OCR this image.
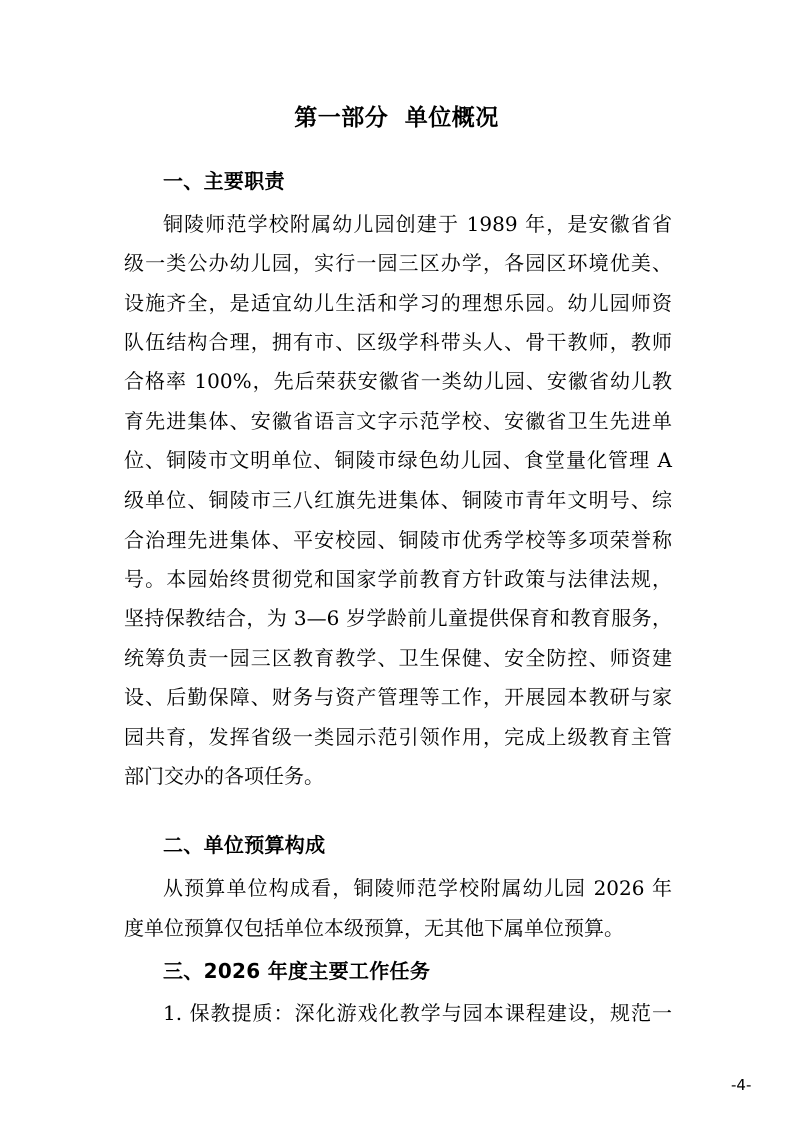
第一部分 单位概况
一、主要职责
铜陵师范学校附属幼儿园创建于 1989 年，是安徽省省
级一类公办幼儿园，实行一园三区办学，各园区环境优美、
设施齐全，是适宜幼儿生活和学习的理想乐园。幼儿园师资
队伍结构合理，拥有市、区级学科带头人、骨干教师，教师
合格率 100%，先后荣获安徽省一类幼儿园、安徽省幼儿教
育先进集体、安徽省语言文字示范学校、安徽省卫生先进单
位、铜陵市文明单位、铜陵市绿色幼儿园、食堂量化管理 A
级单位、铜陵市三八红旗先进集体、铜陵市青年文明号、综
合治理先进集体、平安校园、铜陵市优秀学校等多项荣誉称
号。本园始终贯彻党和国家学前教育方针政策与法律法规，
坚持保教结合，为 3—6 岁学龄前儿童提供保育和教育服务，
统筹负责一园三区教育教学、卫生保健、安全防控、师资建
设、后勤保障、财务与资产管理等工作，开展园本教研与家
园共育，发挥省级一类园示范引领作用，完成上级教育主管
部门交办的各项任务。
二、单位预算构成
从预算单位构成看，铜陵师范学校附属幼儿园 2026 年
度单位预算仅包括单位本级预算，无其他下属单位预算。
三、2026 年度主要工作任务
1. 保教提质：深化游戏化教学与园本课程建设，规范一
-4-
